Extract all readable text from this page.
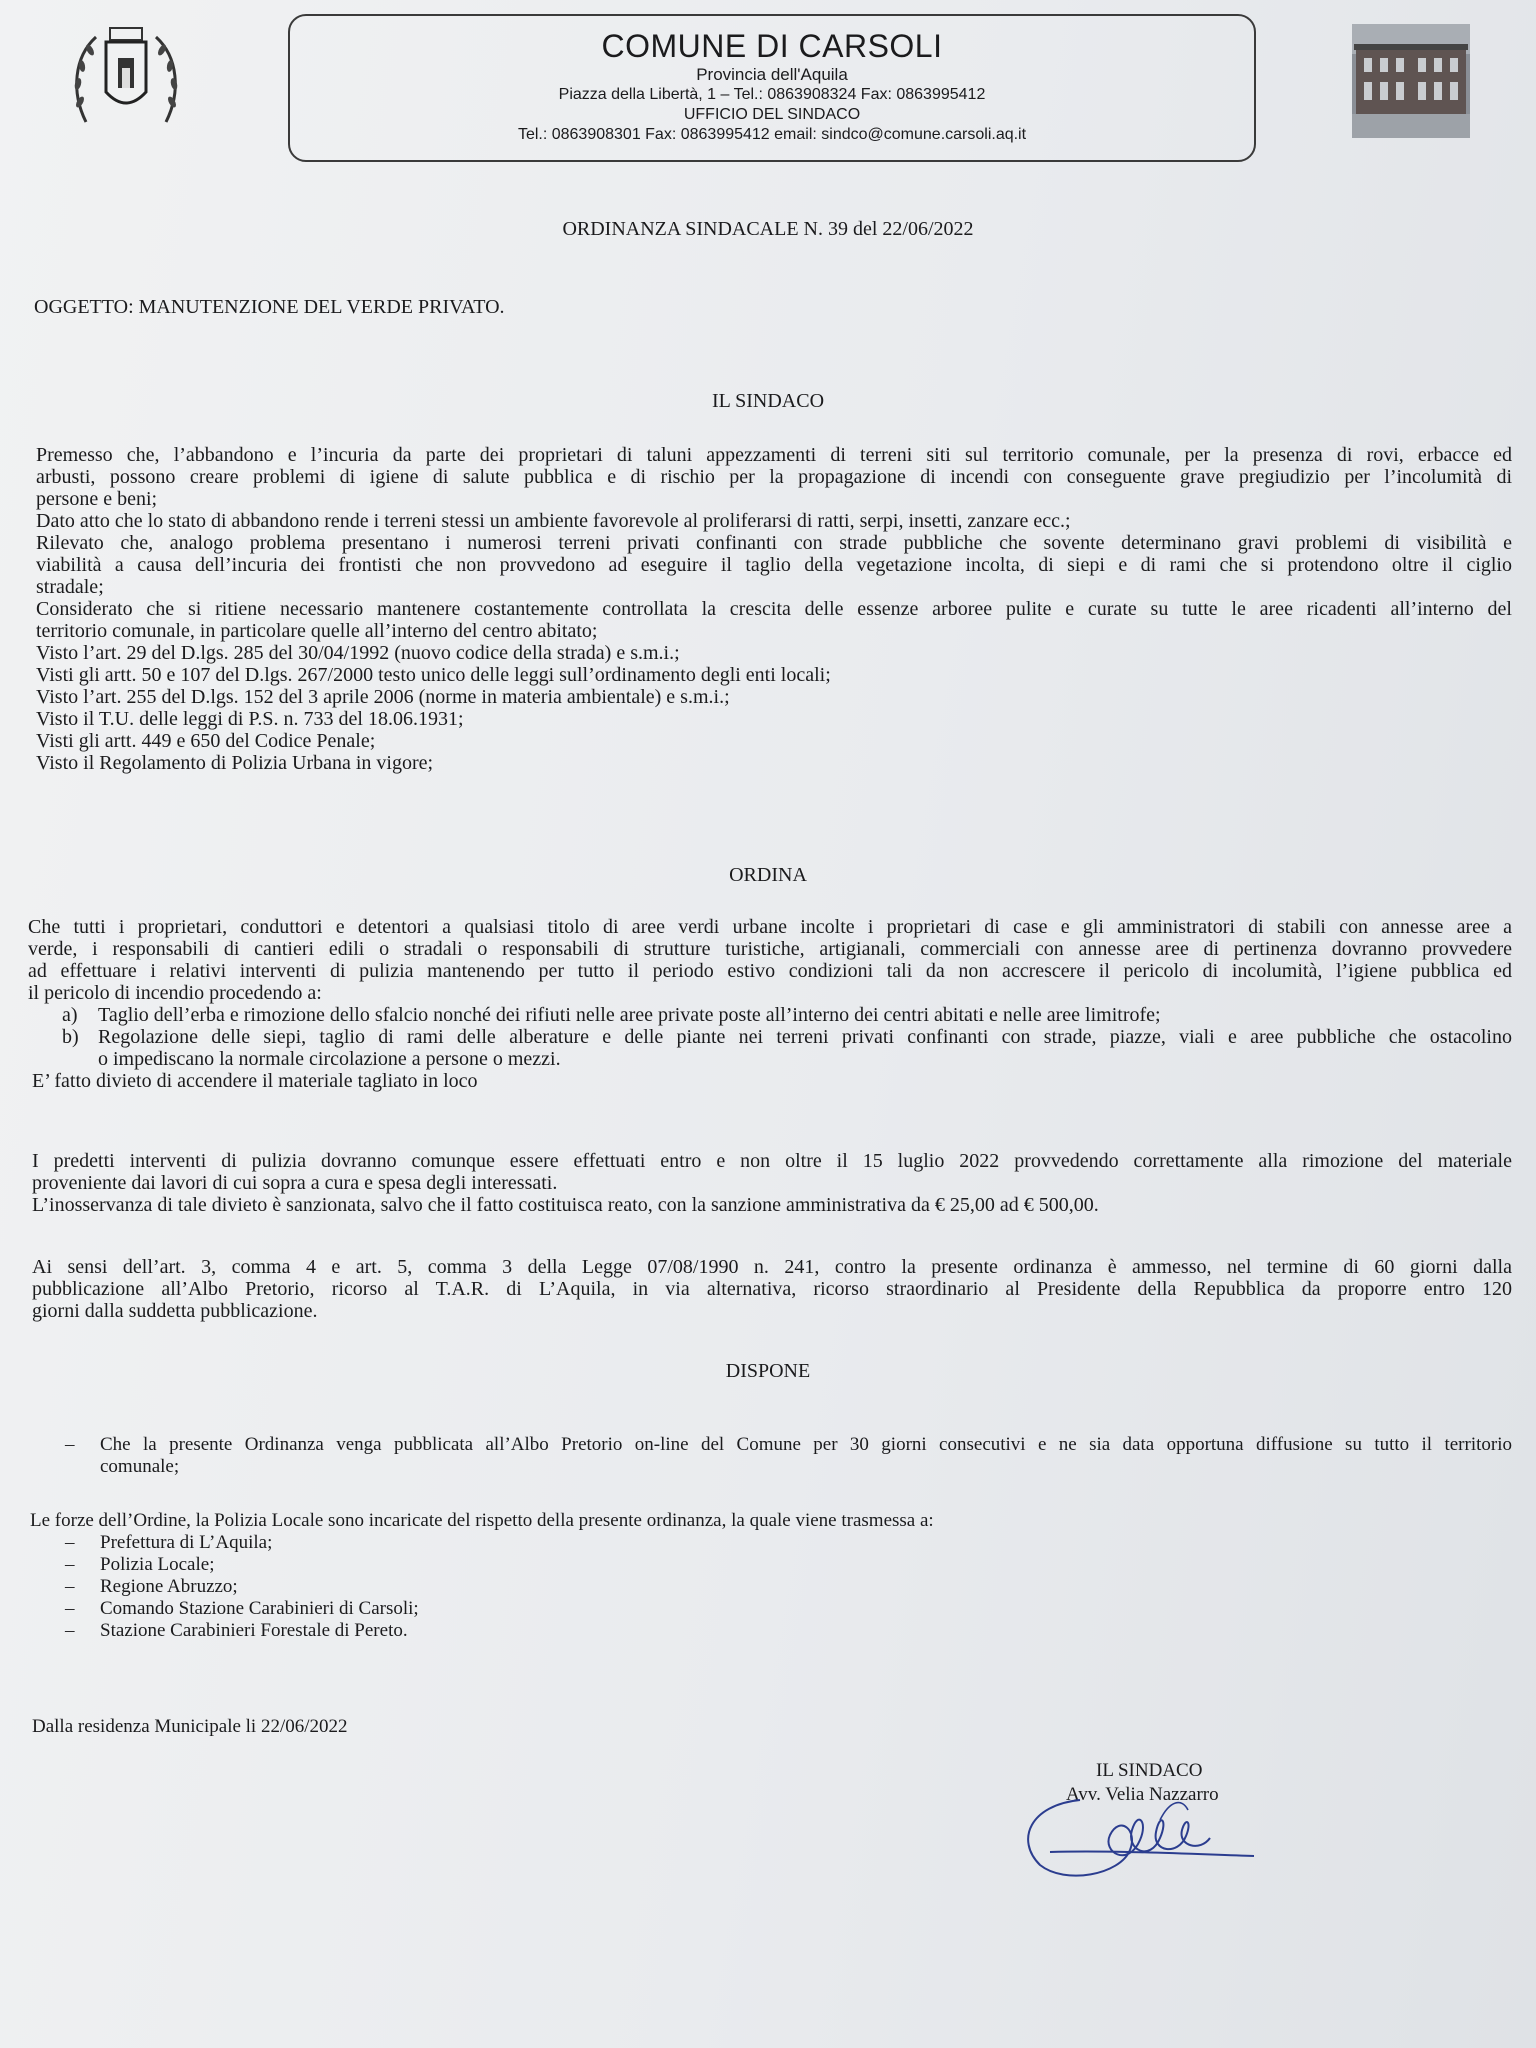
COMUNE DI CARSOLI
Provincia dell'Aquila
Piazza della Libertà, 1 – Tel.: 0863908324 Fax: 0863995412
UFFICIO DEL SINDACO
Tel.: 0863908301 Fax: 0863995412 email: sindco@comune.carsoli.aq.it
ORDINANZA SINDACALE N. 39 del 22/06/2022
OGGETTO: MANUTENZIONE DEL VERDE PRIVATO.
IL SINDACO
Premesso che, l’abbandono e l’incuria da parte dei proprietari di taluni appezzamenti di terreni siti sul territorio comunale, per la presenza di rovi, erbacce ed
arbusti, possono creare problemi di igiene di salute pubblica e di rischio per la propagazione di incendi con conseguente grave pregiudizio per l’incolumità di
persone e beni;
Dato atto che lo stato di abbandono rende i terreni stessi un ambiente favorevole al proliferarsi di ratti, serpi, insetti, zanzare ecc.;
Rilevato che, analogo problema presentano i numerosi terreni privati confinanti con strade pubbliche che sovente determinano gravi problemi di visibilità e
viabilità a causa dell’incuria dei frontisti che non provvedono ad eseguire il taglio della vegetazione incolta, di siepi e di rami che si protendono oltre il ciglio
stradale;
Considerato che si ritiene necessario mantenere costantemente controllata la crescita delle essenze arboree pulite e curate su tutte le aree ricadenti all’interno del
territorio comunale, in particolare quelle all’interno del centro abitato;
Visto l’art. 29 del D.lgs. 285 del 30/04/1992 (nuovo codice della strada) e s.m.i.;
Visti gli artt. 50 e 107 del D.lgs. 267/2000 testo unico delle leggi sull’ordinamento degli enti locali;
Visto l’art. 255 del D.lgs. 152 del 3 aprile 2006 (norme in materia ambientale) e s.m.i.;
Visto il T.U. delle leggi di P.S. n. 733 del 18.06.1931;
Visti gli artt. 449 e 650 del Codice Penale;
Visto il Regolamento di Polizia Urbana in vigore;
ORDINA
Che tutti i proprietari, conduttori e detentori a qualsiasi titolo di aree verdi urbane incolte i proprietari di case e gli amministratori di stabili con annesse aree a
verde, i responsabili di cantieri edili o stradali o responsabili di strutture turistiche, artigianali, commerciali con annesse aree di pertinenza dovranno provvedere
ad effettuare i relativi interventi di pulizia mantenendo per tutto il periodo estivo condizioni tali da non accrescere il pericolo di incolumità, l’igiene pubblica ed
il pericolo di incendio procedendo a:
a) Taglio dell’erba e rimozione dello sfalcio nonché dei rifiuti nelle aree private poste all’interno dei centri abitati e nelle aree limitrofe;
b) Regolazione delle siepi, taglio di rami delle alberature e delle piante nei terreni privati confinanti con strade, piazze, viali e aree pubbliche che ostacolino
o impediscano la normale circolazione a persone o mezzi.
E’ fatto divieto di accendere il materiale tagliato in loco
I predetti interventi di pulizia dovranno comunque essere effettuati entro e non oltre il 15 luglio 2022 provvedendo correttamente alla rimozione del materiale
proveniente dai lavori di cui sopra a cura e spesa degli interessati.
L’inosservanza di tale divieto è sanzionata, salvo che il fatto costituisca reato, con la sanzione amministrativa da € 25,00 ad € 500,00.
Ai sensi dell’art. 3, comma 4 e art. 5, comma 3 della Legge 07/08/1990 n. 241, contro la presente ordinanza è ammesso, nel termine di 60 giorni dalla
pubblicazione all’Albo Pretorio, ricorso al T.A.R. di L’Aquila, in via alternativa, ricorso straordinario al Presidente della Repubblica da proporre entro 120
giorni dalla suddetta pubblicazione.
DISPONE
– Che la presente Ordinanza venga pubblicata all’Albo Pretorio on-line del Comune per 30 giorni consecutivi e ne sia data opportuna diffusione su tutto il territorio
comunale;
Le forze dell’Ordine, la Polizia Locale sono incaricate del rispetto della presente ordinanza, la quale viene trasmessa a:
– Prefettura di L’Aquila;
– Polizia Locale;
– Regione Abruzzo;
– Comando Stazione Carabinieri di Carsoli;
– Stazione Carabinieri Forestale di Pereto.
Dalla residenza Municipale li 22/06/2022
IL SINDACO
Avv. Velia Nazzarro
